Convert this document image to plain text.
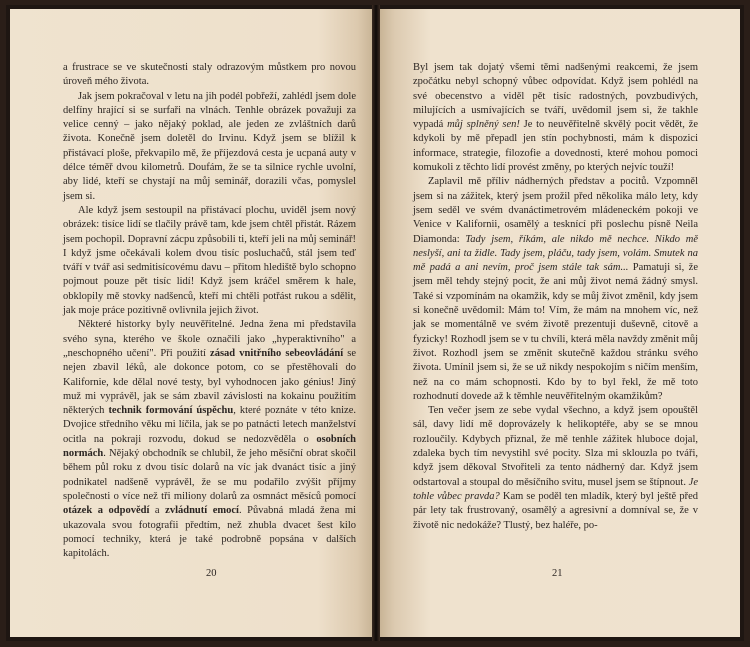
a frustrace se ve skutečnosti staly odrazovým můstkem pro novou úroveň mého života.

Jak jsem pokračoval v letu na jih podél pobřeží, zahlédl jsem dole delfíny hrající si se surfaři na vlnách. Tenhle obrázek považuji za velice cenný – jako nějaký poklad, ale jeden ze zvláštních darů života. Konečně jsem doletěl do Irvinu. Když jsem se blížil k přistávací ploše, překvapilo mě, že příjezdová cesta je ucpaná auty v délce téměř dvou kilometrů. Doufám, že se ta silnice rychle uvolní, aby lidé, kteří se chystají na můj seminář, dorazili včas, pomyslel jsem si.

Ale když jsem sestoupil na přistávací plochu, uviděl jsem nový obrázek: tisíce lidí se tlačily právě tam, kde jsem chtěl přistát. Rázem jsem pochopil. Dopravní zácpu způsobili ti, kteří jeli na můj seminář! I když jsme očekávali kolem dvou tisíc posluchačů, stál jsem teď tváří v tvář asi sedmitisícovému davu – přitom hlediště bylo schopno pojmout pouze pět tisíc lidí! Když jsem kráčel směrem k hale, obklopily mě stovky nadšenců, kteří mi chtěli potřást rukou a sdělit, jak moje práce pozitivně ovlivnila jejich život.

Některé historky byly neuvěřitelné. Jedna žena mi představila svého syna, kterého ve škole označili jako „hyperaktivního" a „neschopného učení". Při použití zásad vnitřního sebeovládání se nejen zbavil léků, ale dokonce potom, co se přestěhovali do Kalifornie, kde dělal nové testy, byl vyhodnocen jako génius! Jiný muž mi vyprávěl, jak se sám zbavil závislosti na kokainu použitím některých technik formování úspěchu, které poznáte v této knize. Dvojice středního věku mi líčila, jak se po patnácti letech manželství ocitla na pokraji rozvodu, dokud se nedozvěděla o osobních normách. Nějaký obchodník se chlubil, že jeho měsíční obrat skočil během půl roku z dvou tisíc dolarů na víc jak dvanáct tisíc a jiný podnikatel nadšeně vyprávěl, že se mu podařilo zvýšit příjmy společnosti o více než tři miliony dolarů za osmnáct měsíců pomocí otázek a odpovědí a zvládnutí emocí. Půvabná mladá žena mi ukazovala svou fotografii předtím, než zhubla dvacet šest kilo pomocí techniky, která je také podrobně popsána v dalších kapitolách.

20

Byl jsem tak dojatý všemi těmi nadšenými reakcemi, že jsem zpočátku nebyl schopný vůbec odpovídat. Když jsem pohlédl na své obecenstvo a viděl pět tisíc radostných, povzbudivých, milujících a usmívajících se tváří, uvědomil jsem si, že takhle vypadá můj splněný sen! Je to neuvěřitelně skvělý pocit vědět, že kdykoli by mě přepadl jen stín pochybnosti, mám k dispozici informace, strategie, filozofie a dovednosti, které mohou pomoci komukoli z těchto lidí provést změny, po kterých nejvíc touží!

Zaplavil mě příliv nádherných představ a pocitů. Vzpomněl jsem si na zážitek, který jsem prožil před několika málo lety, kdy jsem seděl ve svém dvanáctimetrovém mládeneckém pokoji ve Venice v Kalifornii, osamělý a tesknící při poslechu písně Neila Diamonda: Tady jsem, říkám, ale nikdo mě nechce. Nikdo mě neslyší, ani ta židle. Tady jsem, pláču, tady jsem, volám. Smutek na mě padá a ani nevím, proč jsem stále tak sám... Pamatuji si, že jsem měl tehdy stejný pocit, že ani můj život nemá žádný smysl. Také si vzpomínám na okamžik, kdy se můj život změnil, kdy jsem si konečně uvědomil: Mám to! Vím, že mám na mnohem víc, než jak se momentálně ve svém životě prezentuji duševně, citově a fyzicky! Rozhodl jsem se v tu chvíli, která měla navždy změnit můj život. Rozhodl jsem se změnit skutečně každou stránku svého života. Umínil jsem si, že se už nikdy nespokojím s ničím menším, než na co mám schopnosti. Kdo by to byl řekl, že mě toto rozhodnutí dovede až k těmhle neuvěřitelným okamžikům?

Ten večer jsem ze sebe vydal všechno, a když jsem opouštěl sál, davy lidí mě doprovázely k helikoptéře, aby se se mnou rozloučily. Kdybych přiznal, že mě tenhle zážitek hluboce dojal, zdaleka bych tím nevystihl své pocity. Slza mi sklouzla po tváři, když jsem děkoval Stvořiteli za tento nádherný dar. Když jsem odstartoval a stoupal do měsíčního svitu, musel jsem se štípnout. Je tohle vůbec pravda? Kam se poděl ten mladík, který byl ještě před pár lety tak frustrovaný, osamělý a agresivní a domníval se, že v životě nic nedokáže? Tlustý, bez haléře, po-

21
